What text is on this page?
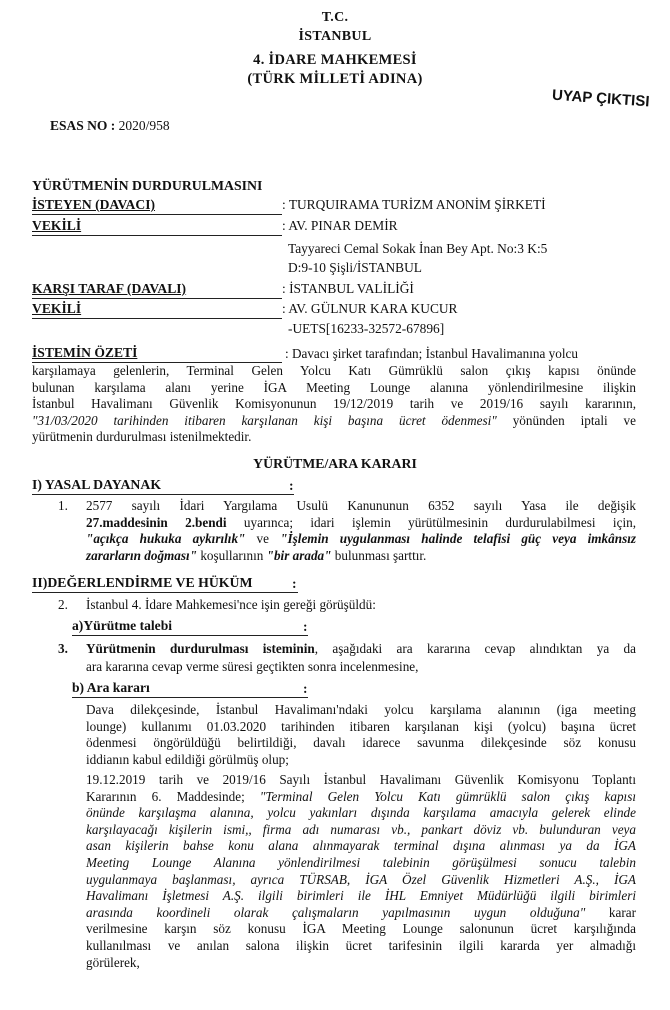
T.C.
İSTANBUL
4. İDARE MAHKEMESİ
(TÜRK MİLLETİ ADINA)
UYAP ÇIKTISI
ESAS NO : 2020/958
YÜRÜTMENİN DURDURULMASINI
İSTEYEN (DAVACI)	: TURQUIRAMA TURİZM ANONİM ŞİRKETİ
VEKİLİ	: AV. PINAR DEMİR
Tayyareci Cemal Sokak İnan Bey Apt. No:3 K:5
D:9-10 Şişli/İSTANBUL
KARŞI TARAF (DAVALI)	: İSTANBUL VALİLİĞİ
VEKİLİ	: AV. GÜLNUR KARA KUCUR
-UETS[16233-32572-67896]
İSTEMİN ÖZETİ	: Davacı şirket tarafından; İstanbul Havalimanına yolcu
karşılamaya gelenlerin, Terminal Gelen Yolcu Katı Gümrüklü salon çıkış kapısı önünde
bulunan karşılama alanı yerine İGA Meeting Lounge alanına yönlendirilmesine ilişkin
İstanbul Havalimanı Güvenlik Komisyonunun 19/12/2019 tarih ve 2019/16 sayılı kararının,
"31/03/2020 tarihinden itibaren karşılanan kişi başına ücret ödenmesi" yönünden iptali ve
yürütmenin durdurulması istenilmektedir.
YÜRÜTME/ARA KARARI
I) YASAL DAYANAK	:
1. 2577 sayılı İdari Yargılama Usulü Kanununun 6352 sayılı Yasa ile değişik
27.maddesinin 2.bendi uyarınca; idari işlemin yürütülmesinin durdurulabilmesi için,
"açıkça hukuka aykırılık" ve "İşlemin uygulanması halinde telafisi güç veya imkânsız
zararların doğması" koşullarının "bir arada" bulunması şarttır.
II)DEĞERLENDİRME VE HÜKÜM	:
2. İstanbul 4. İdare Mahkemesi'nce işin gereği görüşüldü:
a)Yürütme talebi	:
3. Yürütmenin durdurulması isteminin, aşağıdaki ara kararına cevap alındıktan ya da
ara kararına cevap verme süresi geçtikten sonra incelenmesine,
b) Ara kararı	:
Dava dilekçesinde, İstanbul Havalimanı'ndaki yolcu karşılama alanının (iga meeting
lounge) kullanımı 01.03.2020 tarihinden itibaren karşılanan kişi (yolcu) başına ücret
ödenmesi öngörüldüğü belirtildiği, davalı idarece savunma dilekçesinde söz konusu
iddianın kabul edildiği görülmüş olup;
19.12.2019 tarih ve 2019/16 Sayılı İstanbul Havalimanı Güvenlik Komisyonu Toplantı
Kararının 6. Maddesinde; "Terminal Gelen Yolcu Katı gümrüklü salon çıkış kapısı
önünde karşılaşma alanına, yolcu yakınları dışında karşılama amacıyla gelerek elinde
karşılayacağı kişilerin ismi,, firma adı numarası vb., pankart döviz vb. bulunduran veya
asan kişilerin bahse konu alana alınmayarak terminal dışına alınması ya da İGA
Meeting Lounge Alanına yönlendirilmesi talebinin görüşülmesi sonucu talebin
uygulanmaya başlanması, ayrıca TÜRSAB, İGA Özel Güvenlik Hizmetleri A.Ş., İGA
Havalimanı İşletmesi A.Ş. ilgili birimleri ile İHL Emniyet Müdürlüğü ilgili birimleri
arasında koordineli olarak çalışmaların yapılmasının uygun olduğuna" karar
verilmesine karşın söz konusu İGA Meeting Lounge salonunun ücret karşılığında
kullanılması ve anılan salona ilişkin ücret tarifesinin ilgili kararda yer almadığı
görülerek,
